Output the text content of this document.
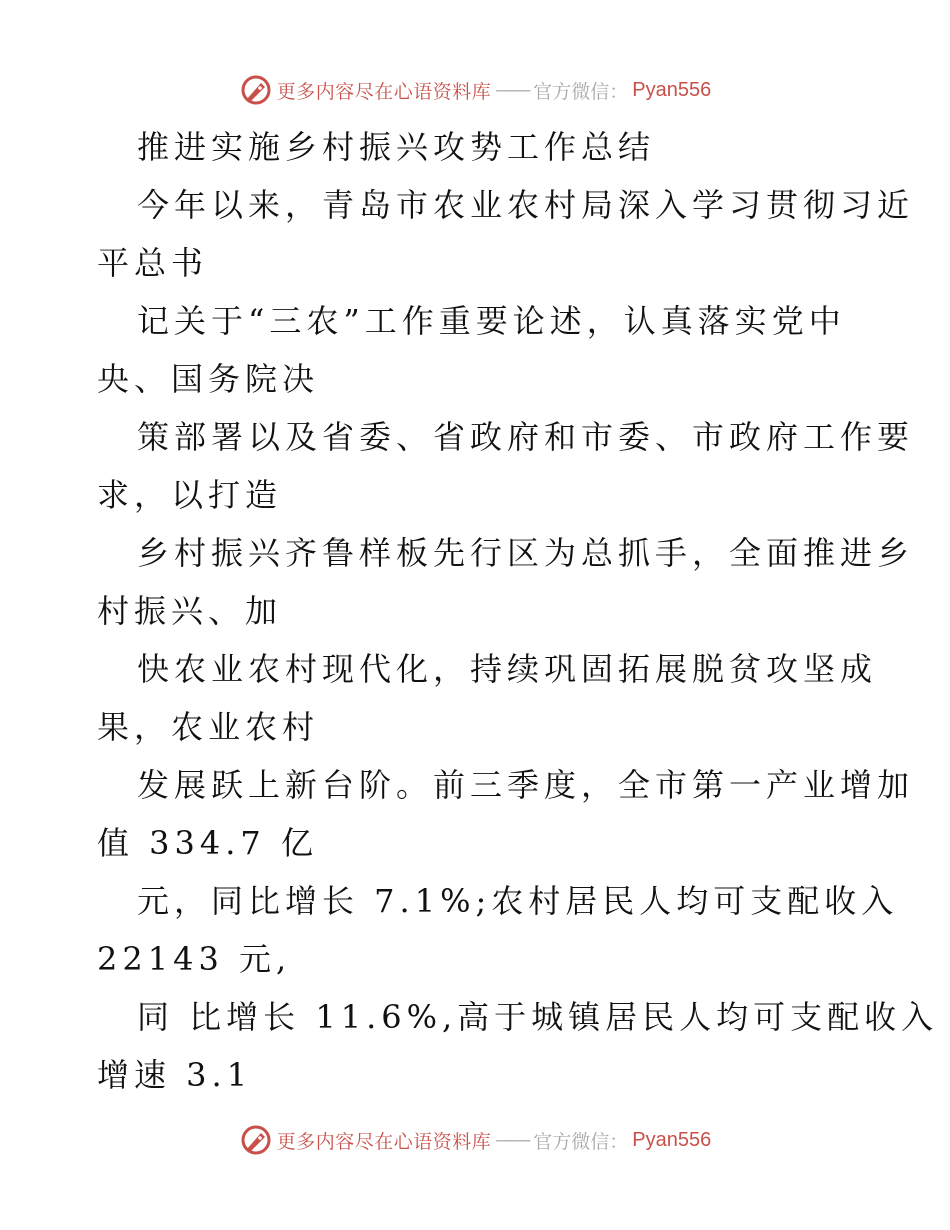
更多内容尽在心语资料库 —— 官方微信： Pyan556
推进实施乡村振兴攻势工作总结
今年以来，青岛市农业农村局深入学习贯彻习近
平总书
记关于“三农”工作重要论述，认真落实党中
央、国务院决
策部署以及省委、省政府和市委、市政府工作要
求，以打造
乡村振兴齐鲁样板先行区为总抓手，全面推进乡
村振兴、加
快农业农村现代化，持续巩固拓展脱贫攻坚成
果，农业农村
发展跃上新台阶。前三季度，全市第一产业增加
值 334.7 亿
元，同比增长 7.1%;农村居民人均可支配收入
22143 元,
同 比增长 11.6%,高于城镇居民人均可支配收入
增速 3.1
更多内容尽在心语资料库 —— 官方微信： Pyan556
